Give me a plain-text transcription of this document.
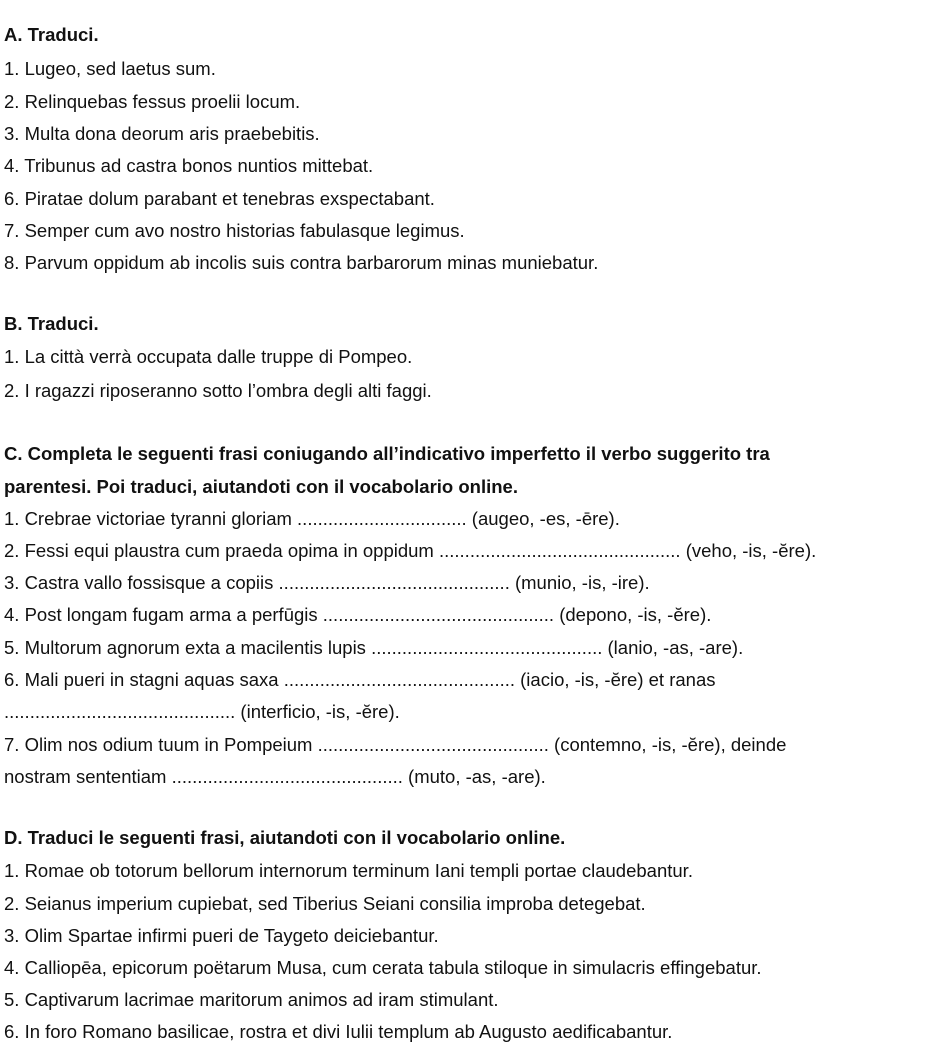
A. Traduci.
1. Lugeo, sed laetus sum.
2. Relinquebas fessus proelii locum.
3. Multa dona deorum aris praebebitis.
4. Tribunus ad castra bonos nuntios mittebat.
6. Piratae dolum parabant et tenebras exspectabant.
7. Semper cum avo nostro historias fabulasque legimus.
8. Parvum oppidum ab incolis suis contra barbarorum minas muniebatur.
B. Traduci.
1. La città verrà occupata dalle truppe di Pompeo.
2. I ragazzi riposeranno sotto l’ombra degli alti faggi.
C. Completa le seguenti frasi coniugando all’indicativo imperfetto il verbo suggerito tra
parentesi. Poi traduci, aiutandoti con il vocabolario online.
1. Crebrae victoriae tyranni gloriam ................................. (augeo, -es, -ēre).
2. Fessi equi plaustra cum praeda opima in oppidum ............................................... (veho, -is, -ĕre).
3. Castra vallo fossisque a copiis ............................................. (munio, -is, -ire).
4. Post longam fugam arma a perfūgis ............................................. (depono, -is, -ĕre).
5. Multorum agnorum exta a macilentis lupis ............................................. (lanio, -as, -are).
6. Mali pueri in stagni aquas saxa ............................................. (iacio, -is, -ĕre) et ranas
............................................. (interficio, -is, -ĕre).
7. Olim nos odium tuum in Pompeium ............................................. (contemno, -is, -ĕre), deinde
nostram sententiam ............................................. (muto, -as, -are).
D. Traduci le seguenti frasi, aiutandoti con il vocabolario online.
1. Romae ob totorum bellorum internorum terminum Iani templi portae claudebantur.
2. Seianus imperium cupiebat, sed Tiberius Seiani consilia improba detegebat.
3. Olim Spartae infirmi pueri de Taygeto deiciebantur.
4. Calliopēa, epicorum poëtarum Musa, cum cerata tabula stiloque in simulacris effingebatur.
5. Captivarum lacrimae maritorum animos ad iram stimulant.
6. In foro Romano basilicae, rostra et divi Iulii templum ab Augusto aedificabantur.
